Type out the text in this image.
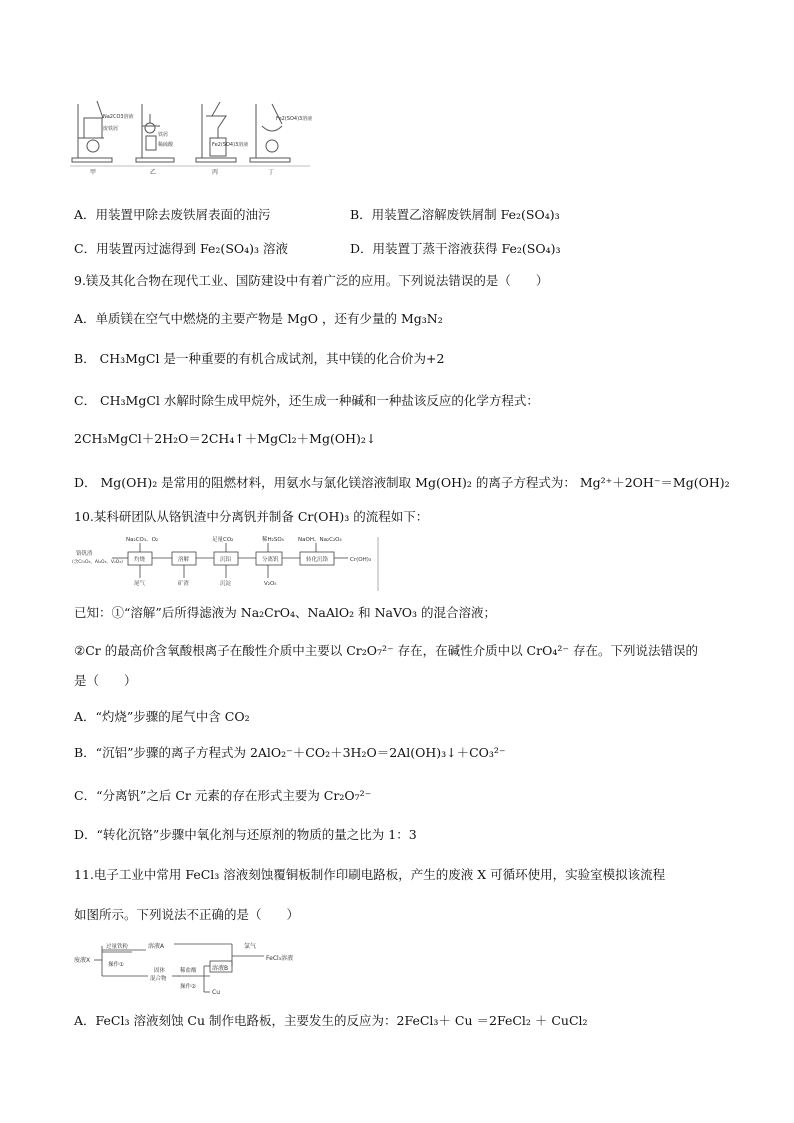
Na2CO3溶液
废铁屑
铁屑
稀硫酸	Fe2(SO4)3溶液
Fe2(SO4)3溶液
甲	乙	丙	丁
A．用装置甲除去废铁屑表面的油污	B．用装置乙溶解废铁屑制 Fe₂(SO₄)₃
C．用装置丙过滤得到 Fe₂(SO₄)₃ 溶液	D．用装置丁蒸干溶液获得 Fe₂(SO₄)₃
9.镁及其化合物在现代工业、国防建设中有着广泛的应用。下列说法错误的是（　　）
A．单质镁在空气中燃烧的主要产物是 MgO ，还有少量的 Mg₃N₂
B． CH₃MgCl 是一种重要的有机合成试剂，其中镁的化合价为+2
C． CH₃MgCl 水解时除生成甲烷外，还生成一种碱和一种盐该反应的化学方程式：
2CH₃MgCl＋2H₂O＝2CH₄↑＋MgCl₂＋Mg(OH)₂↓
D． Mg(OH)₂ 是常用的阻燃材料，用氨水与氯化镁溶液制取 Mg(OH)₂ 的离子方程式为： Mg²⁺＋2OH⁻＝Mg(OH)₂
10.某科研团队从铬钒渣中分离钒并制备 Cr(OH)₃ 的流程如下：
铬钒渣
(含Cr₂O₃、Al₂O₃、V₂O₃)
Na₂CO₃、O₂	足量CO₂	稀H₂SO₄	NaOH、Na₂C₂O₄
灼烧	溶解	沉铝	分离钒	转化沉铬
尾气	矿渣	沉淀	V₂O₅
Cr(OH)₃
已知：①“溶解”后所得滤液为 Na₂CrO₄、NaAlO₂ 和 NaVO₃ 的混合溶液；
②Cr 的最高价含氧酸根离子在酸性介质中主要以 Cr₂O₇²⁻ 存在，在碱性介质中以 CrO₄²⁻ 存在。下列说法错误的
是（　　）
A．“灼烧”步骤的尾气中含 CO₂
B．“沉铝”步骤的离子方程式为 2AlO₂⁻＋CO₂＋3H₂O＝2Al(OH)₃↓＋CO₃²⁻
C．“分离钒”之后 Cr 元素的存在形式主要为 Cr₂O₇²⁻
D．“转化沉铬”步骤中氧化剂与还原剂的物质的量之比为 1：3
11.电子工业中常用 FeCl₃ 溶液刻蚀覆铜板制作印刷电路板，产生的废液 X 可循环使用，实验室模拟该流程
如图所示。下列说法不正确的是（　　）
废液X
过量铁粉
操作①
溶液A
固体
混合物
稀盐酸
操作②
溶液B
Cu
氯气
FeCl₃溶液
A．FeCl₃ 溶液刻蚀 Cu 制作电路板，主要发生的反应为：2FeCl₃＋ Cu ＝2FeCl₂ ＋ CuCl₂
